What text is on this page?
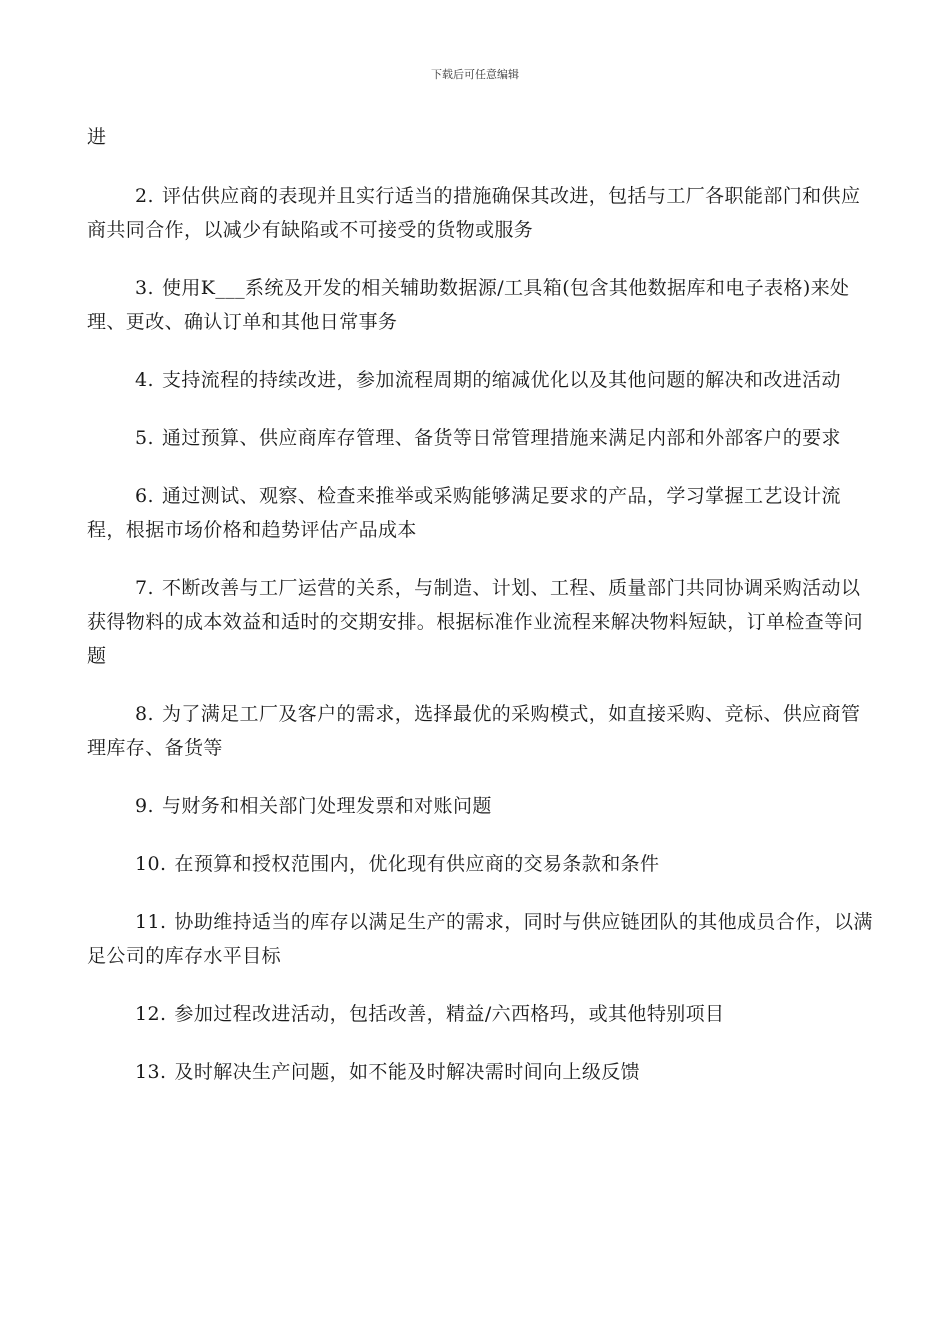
下载后可任意编辑
进

2. 评估供应商的表现并且实行适当的措施确保其改进，包括与工厂各职能部门和供应商共同合作，以减少有缺陷或不可接受的货物或服务

3. 使用K___系统及开发的相关辅助数据源/工具箱(包含其他数据库和电子表格)来处理、更改、确认订单和其他日常事务

4. 支持流程的持续改进，参加流程周期的缩减优化以及其他问题的解决和改进活动

5. 通过预算、供应商库存管理、备货等日常管理措施来满足内部和外部客户的要求

6. 通过测试、观察、检查来推举或采购能够满足要求的产品，学习掌握工艺设计流程，根据市场价格和趋势评估产品成本

7. 不断改善与工厂运营的关系，与制造、计划、工程、质量部门共同协调采购活动以获得物料的成本效益和适时的交期安排。根据标准作业流程来解决物料短缺，订单检查等问题

8. 为了满足工厂及客户的需求，选择最优的采购模式，如直接采购、竞标、供应商管理库存、备货等

9. 与财务和相关部门处理发票和对账问题

10. 在预算和授权范围内，优化现有供应商的交易条款和条件

11. 协助维持适当的库存以满足生产的需求，同时与供应链团队的其他成员合作，以满足公司的库存水平目标

12. 参加过程改进活动，包括改善，精益/六西格玛，或其他特别项目

13. 及时解决生产问题，如不能及时解决需时间向上级反馈
